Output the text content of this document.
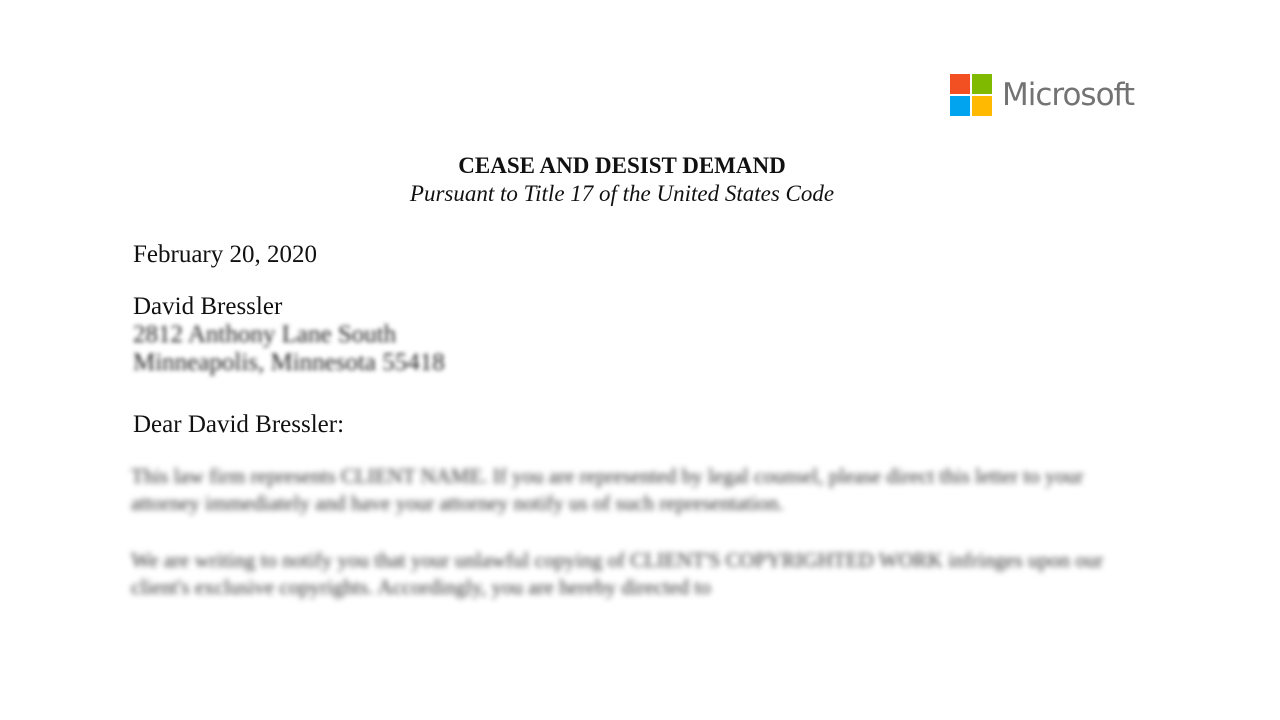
Microsoft

CEASE AND DESIST DEMAND

Pursuant to Title 17 of the United States Code

February 20, 2020
David Bressler
2812 Anthony Lane South
Minneapolis, Minnesota 55418
Dear David Bressler:
This law firm represents CLIENT NAME. If you are represented by legal counsel, please direct this letter to your attorney immediately and have your attorney notify us of such representation.
We are writing to notify you that your unlawful copying of CLIENT'S COPYRIGHTED WORK infringes upon our client's exclusive copyrights. Accordingly, you are hereby directed to
